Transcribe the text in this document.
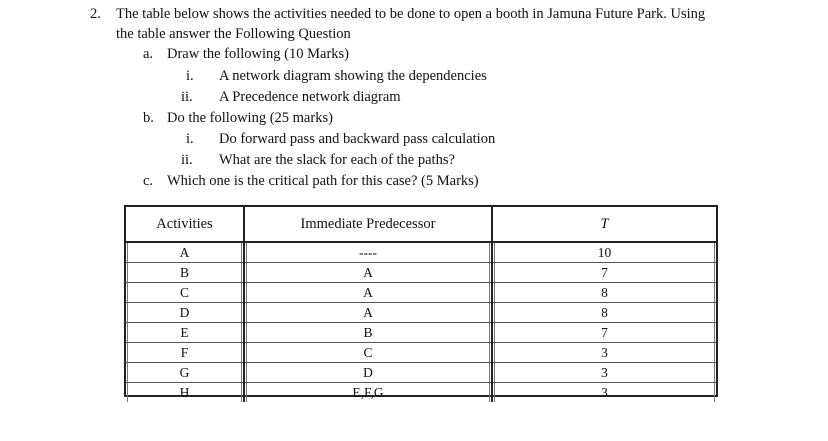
2. The table below shows the activities needed to be done to open a booth in Jamuna Future Park. Using
the table answer the Following Question
a. Draw the following (10 Marks)
i. A network diagram showing the dependencies
ii. A Precedence network diagram
b. Do the following (25 marks)
i. Do forward pass and backward pass calculation
ii. What are the slack for each of the paths?
c. Which one is the critical path for this case? (5 Marks)
Activities	Immediate Predecessor	T

A	----	10

B	A	7

C	A	8

D	A	8

E	B	7

F	C	3

G	D	3

H	E,F,G	3
